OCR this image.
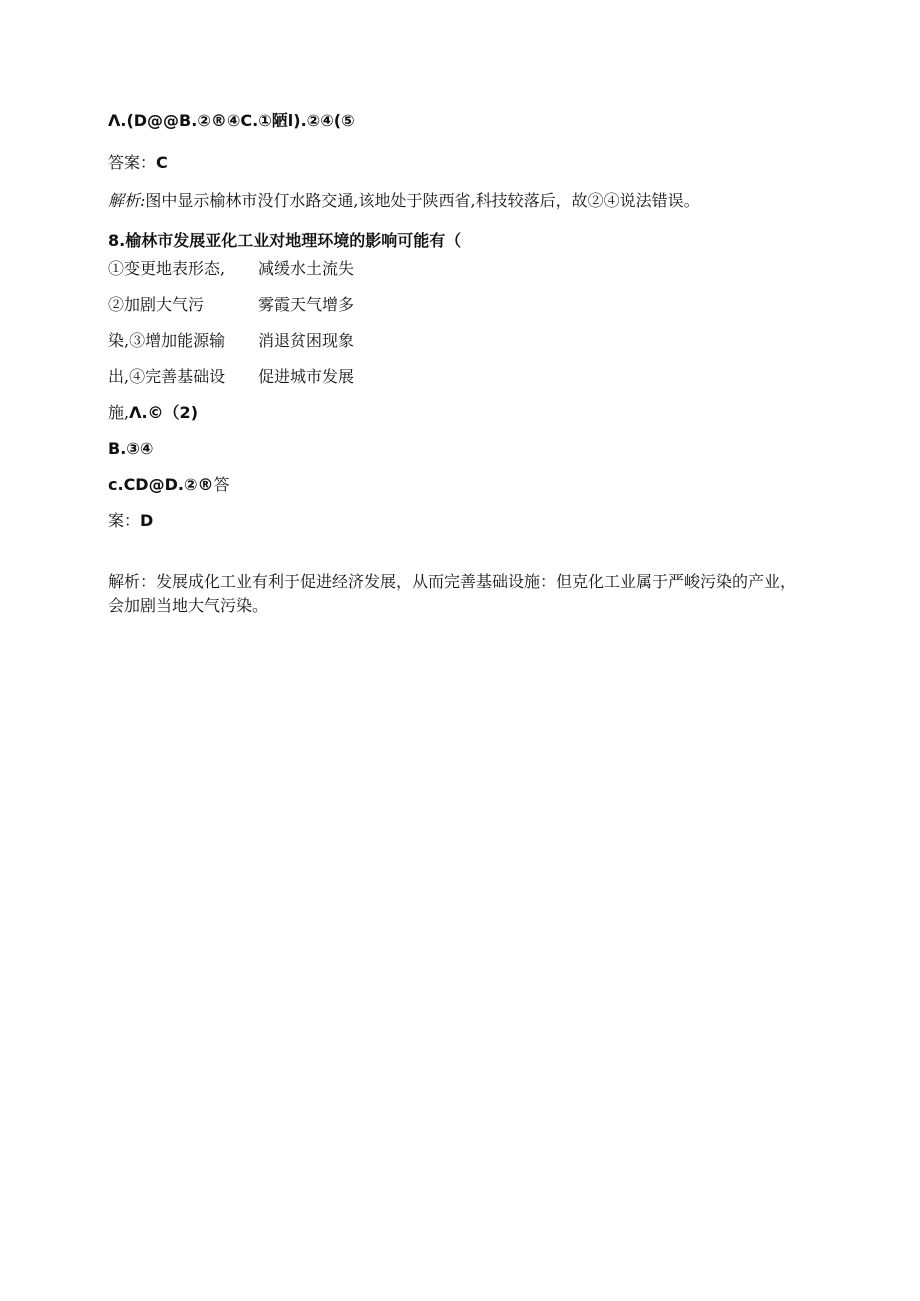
Λ.(D@@B.②®④C.①陋l).②④(⑤
答案：C
解析:图中显示榆林市没仃水路交通,该地处于陕西省,科技较落后，故②④说法错误。
8.榆林市发展亚化工业对地理环境的影响可能有（
①变更地表形态, 减缓水土流失
②加剧大气污	雾霞天气增多
染,③增加能源输 消退贫困现象
出,④完善基础设 促进城市发展
施,Λ.©（2)
B.③④
c.CD@D.②®答
案：D
解析：发展成化工业有利于促进经济发展，从而完善基础设施：但克化工业属于严峻污染的产业，会加剧当地大气污染。
